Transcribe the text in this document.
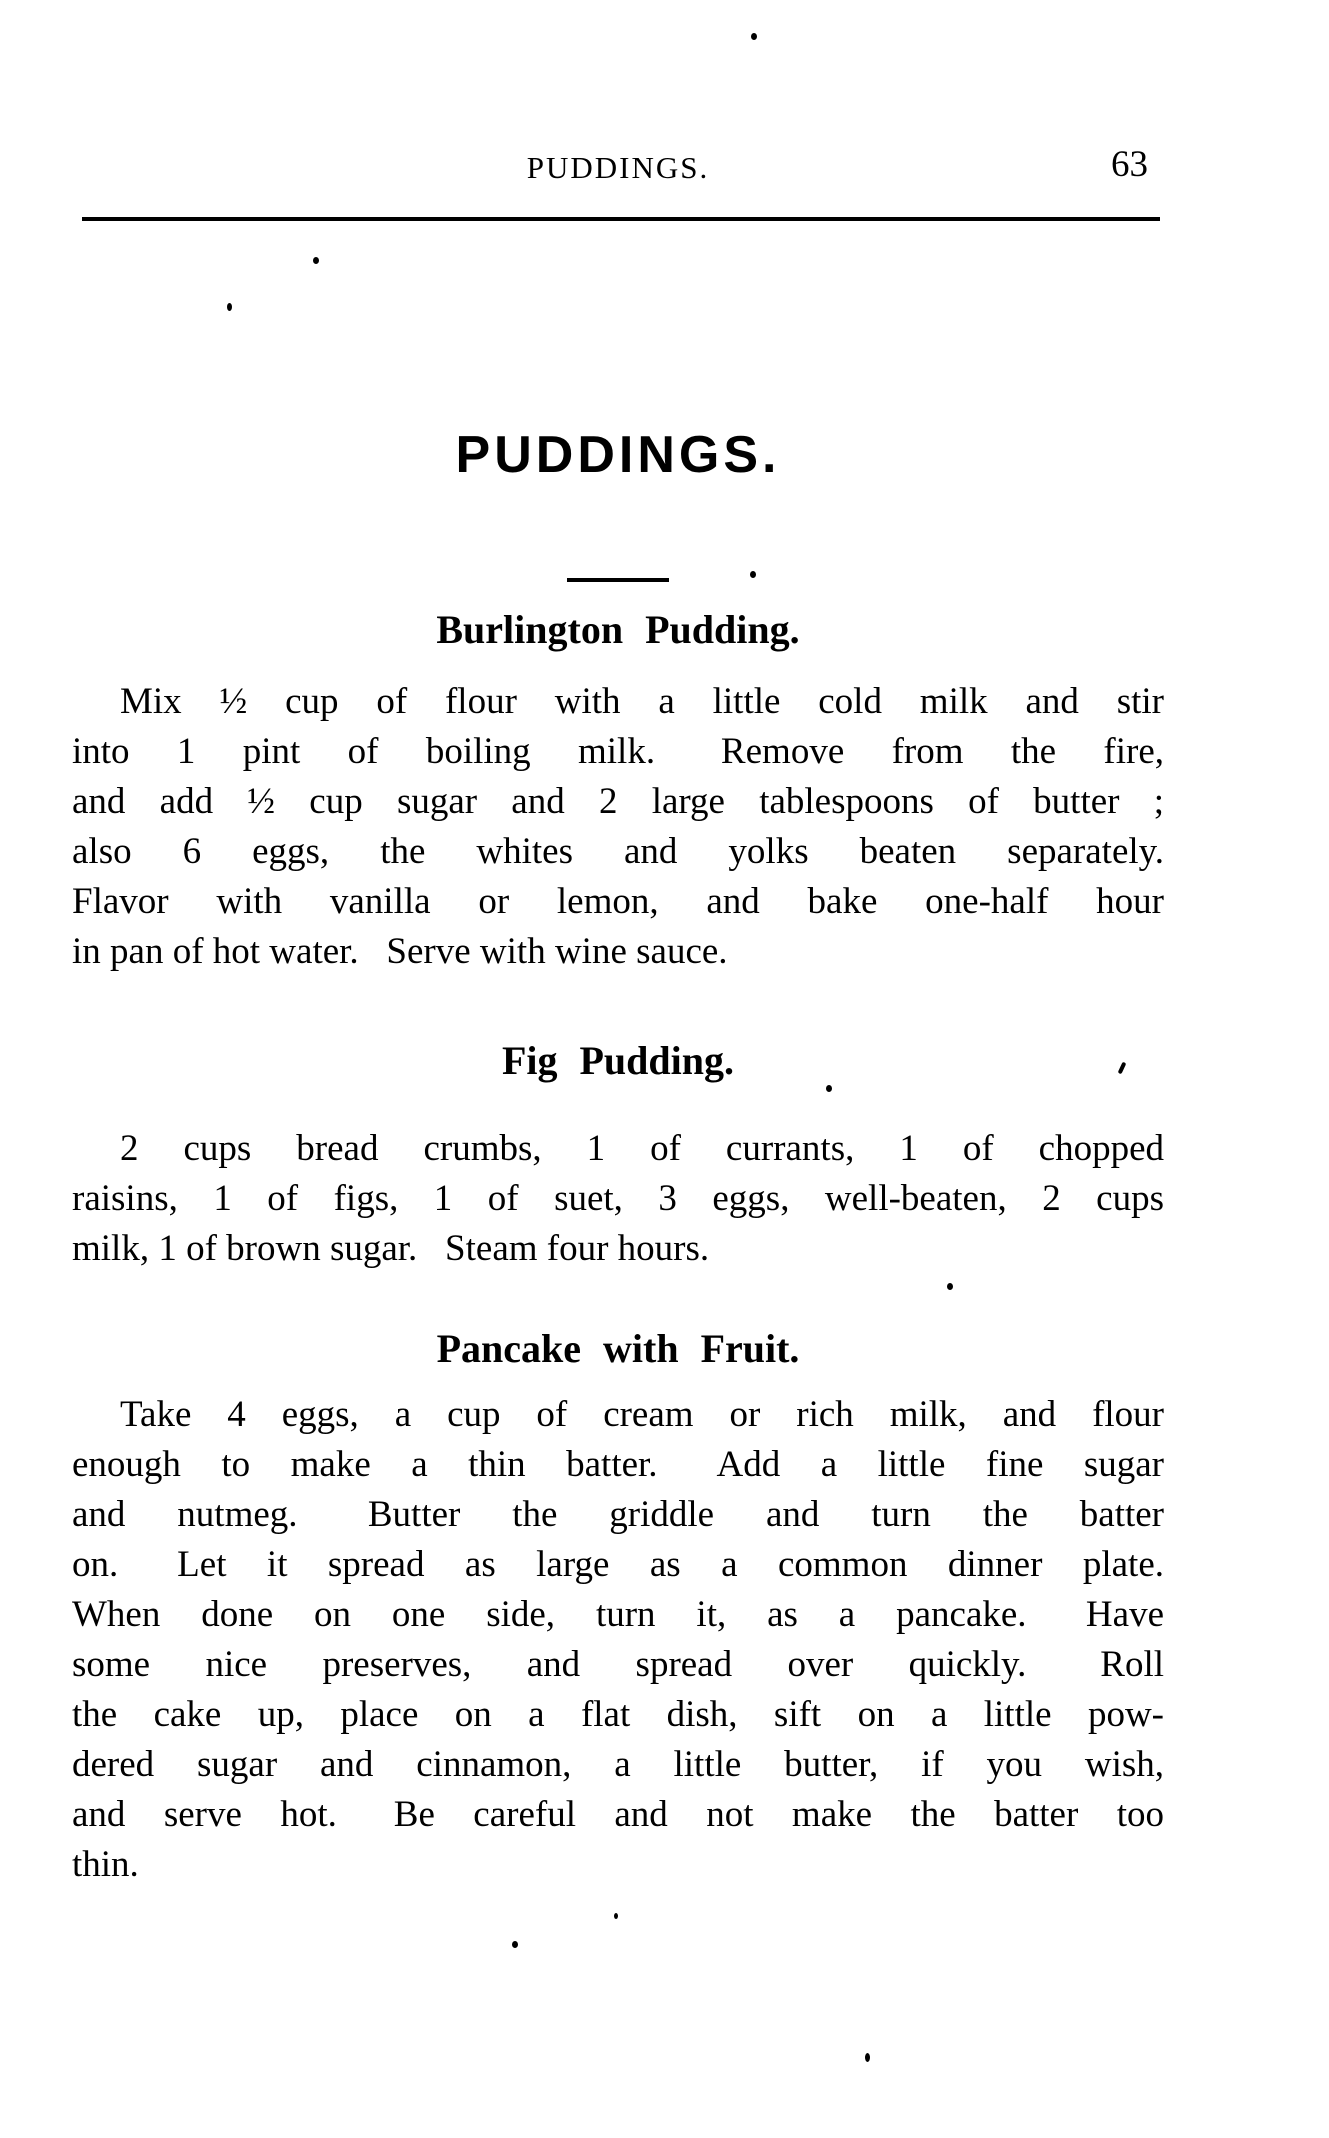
PUDDINGS.	63
PUDDINGS.
Burlington Pudding.
Mix ½ cup of flour with a little cold milk and stir
into 1 pint of boiling milk.  Remove from the fire,
and add ½ cup sugar and 2 large tablespoons of butter ;
also 6 eggs, the whites and yolks beaten separately.
Flavor with vanilla or lemon, and bake one-half hour
in pan of hot water.  Serve with wine sauce.
Fig Pudding.
2 cups bread crumbs, 1 of currants, 1 of chopped
raisins, 1 of figs, 1 of suet, 3 eggs, well-beaten, 2 cups
milk, 1 of brown sugar.  Steam four hours.
Pancake with Fruit.
Take 4 eggs, a cup of cream or rich milk, and flour
enough to make a thin batter.  Add a little fine sugar
and nutmeg.  Butter the griddle and turn the batter
on.  Let it spread as large as a common dinner plate.
When done on one side, turn it, as a pancake.  Have
some nice preserves, and spread over quickly.  Roll
the cake up, place on a flat dish, sift on a little pow-
dered sugar and cinnamon, a little butter, if you wish,
and serve hot.  Be careful and not make the batter too
thin.
